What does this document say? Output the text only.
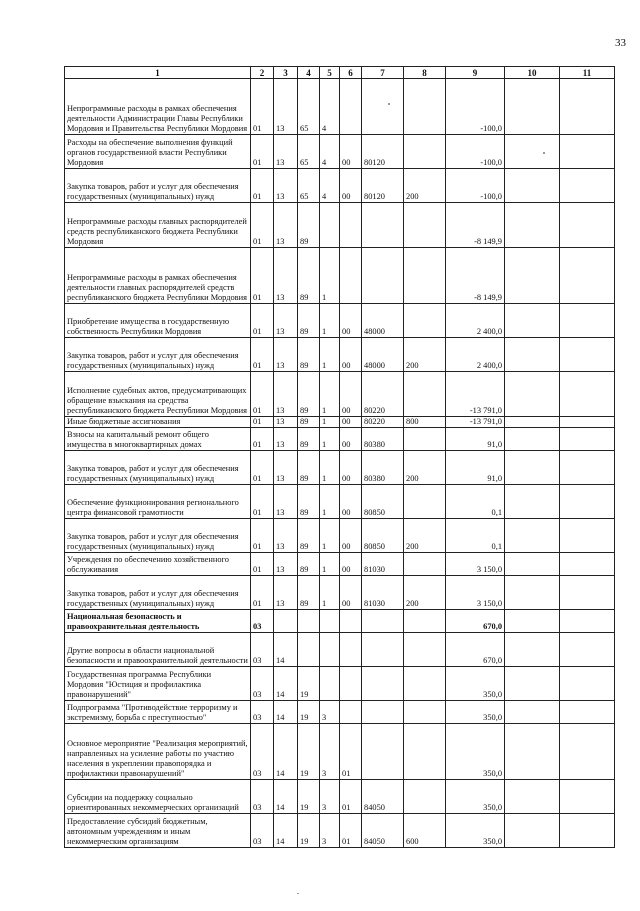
33
1	2	3	4	5	6	7	8	9	10	11
Непрограммные расходы в рамках обеспечения деятельности Администрации Главы Республики Мордовия и Правительства Республики Мордовия	01	13	65	4				-100,0		
Расходы на обеспечение выполнения функций органов государственной власти Республики Мордовия	01	13	65	4	00	80120		-100,0		
Закупка товаров, работ и услуг для обеспечения государственных (муниципальных) нужд	01	13	65	4	00	80120	200	-100,0		
Непрограммные расходы главных распорядителей средств республиканского бюджета Республики Мордовия	01	13	89					-8 149,9		
Непрограммные расходы в рамках обеспечения деятельности главных распорядителей средств республиканского бюджета Республики Мордовия	01	13	89	1				-8 149,9		
Приобретение имущества в государственную собственность Республики Мордовия	01	13	89	1	00	48000		2 400,0		
Закупка товаров, работ и услуг для обеспечения государственных (муниципальных) нужд	01	13	89	1	00	48000	200	2 400,0		
Исполнение судебных актов, предусматривающих обращение взыскания на средства республиканского бюджета Республики Мордовия	01	13	89	1	00	80220		-13 791,0		
Иные бюджетные ассигнования	01	13	89	1	00	80220	800	-13 791,0		
Взносы на капитальный ремонт общего имущества в многоквартирных домах	01	13	89	1	00	80380		91,0		
Закупка товаров, работ и услуг для обеспечения государственных (муниципальных) нужд	01	13	89	1	00	80380	200	91,0		
Обеспечение функционирования регионального центра финансовой грамотности	01	13	89	1	00	80850		0,1		
Закупка товаров, работ и услуг для обеспечения государственных (муниципальных) нужд	01	13	89	1	00	80850	200	0,1		
Учреждения по обеспечению хозяйственного обслуживания	01	13	89	1	00	81030		3 150,0		
Закупка товаров, работ и услуг для обеспечения государственных (муниципальных) нужд	01	13	89	1	00	81030	200	3 150,0		
Национальная безопасность и правоохранительная деятельность	03							670,0		
Другие вопросы в области национальной безопасности и правоохранительной деятельности	03	14						670,0		
Государственная программа Республики Мордовия "Юстиция и профилактика правонарушений"	03	14	19					350,0		
Подпрограмма "Противодействие терроризму и экстремизму, борьба с преступностью"	03	14	19	3				350,0		
Основное мероприятие "Реализация мероприятий, направленных на усиление работы по участию населения в укреплении правопорядка и профилактики правонарушений"	03	14	19	3	01			350,0		
Субсидии на поддержку социально ориентированных некоммерческих организаций	03	14	19	3	01	84050		350,0		
Предоставление субсидий бюджетным, автономным учреждениям и иным некоммерческим организациям	03	14	19	3	01	84050	600	350,0		
